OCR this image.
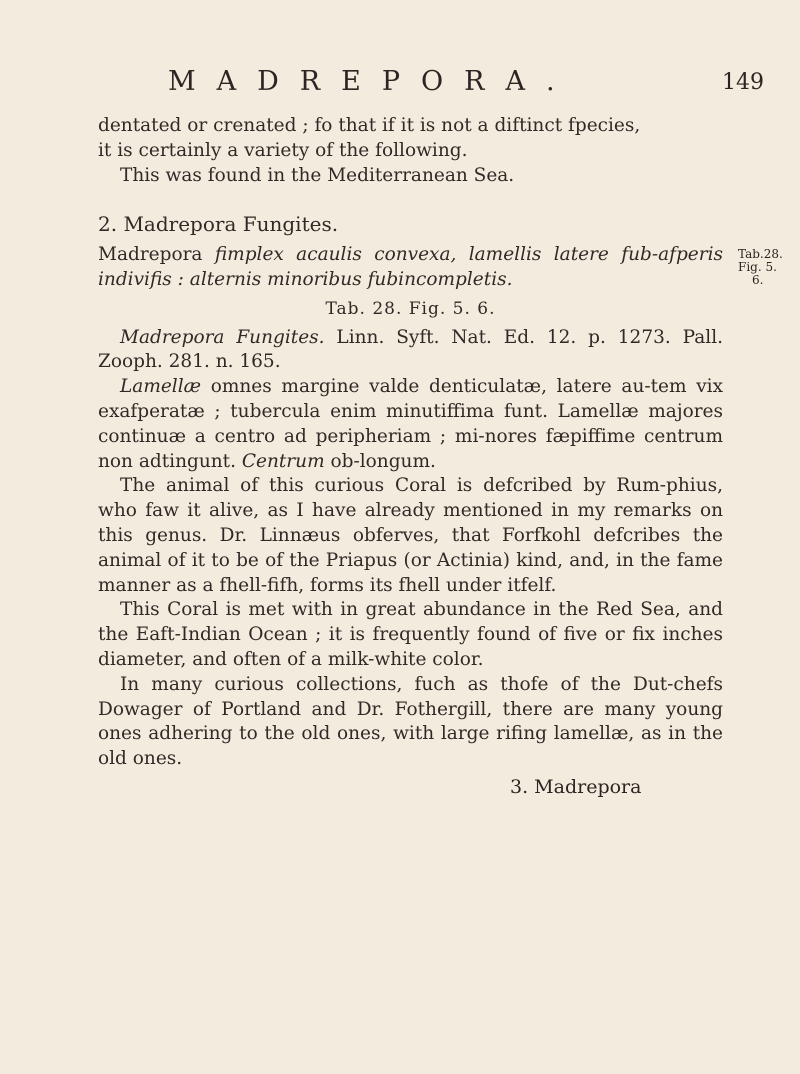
MADREPORA.	149
Tab.28.
Fig. 5.
6.

dentated or crenated ; fo that if it is not a diftinct fpecies,

it is certainly a variety of the following.

This was found in the Mediterranean Sea.

2. Madrepora Fungites.

Madrepora fimplex acaulis convexa, lamellis latere fub-afperis indivifis : alternis minoribus fubincompletis.

Tab. 28. Fig. 5. 6.

Madrepora Fungites. Linn. Syft. Nat. Ed. 12. p. 1273. Pall. Zooph. 281. n. 165.

Lamellæ omnes margine valde denticulatæ, latere au-tem vix exafperatæ ; tubercula enim minutiffima funt. Lamellæ majores continuæ a centro ad peripheriam ; mi-nores fæpiffime centrum non adtingunt. Centrum ob-longum.

The animal of this curious Coral is defcribed by Rum-phius, who faw it alive, as I have already mentioned in my remarks on this genus. Dr. Linnæus obferves, that Forfkohl defcribes the animal of it to be of the Priapus (or Actinia) kind, and, in the fame manner as a fhell-fifh, forms its fhell under itfelf.

This Coral is met with in great abundance in the Red Sea, and the Eaft-Indian Ocean ; it is frequently found of five or fix inches diameter, and often of a milk-white color.

In many curious collections, fuch as thofe of the Dut-chefs Dowager of Portland and Dr. Fothergill, there are many young ones adhering to the old ones, with large rifing lamellæ, as in the old ones.

3. Madrepora
